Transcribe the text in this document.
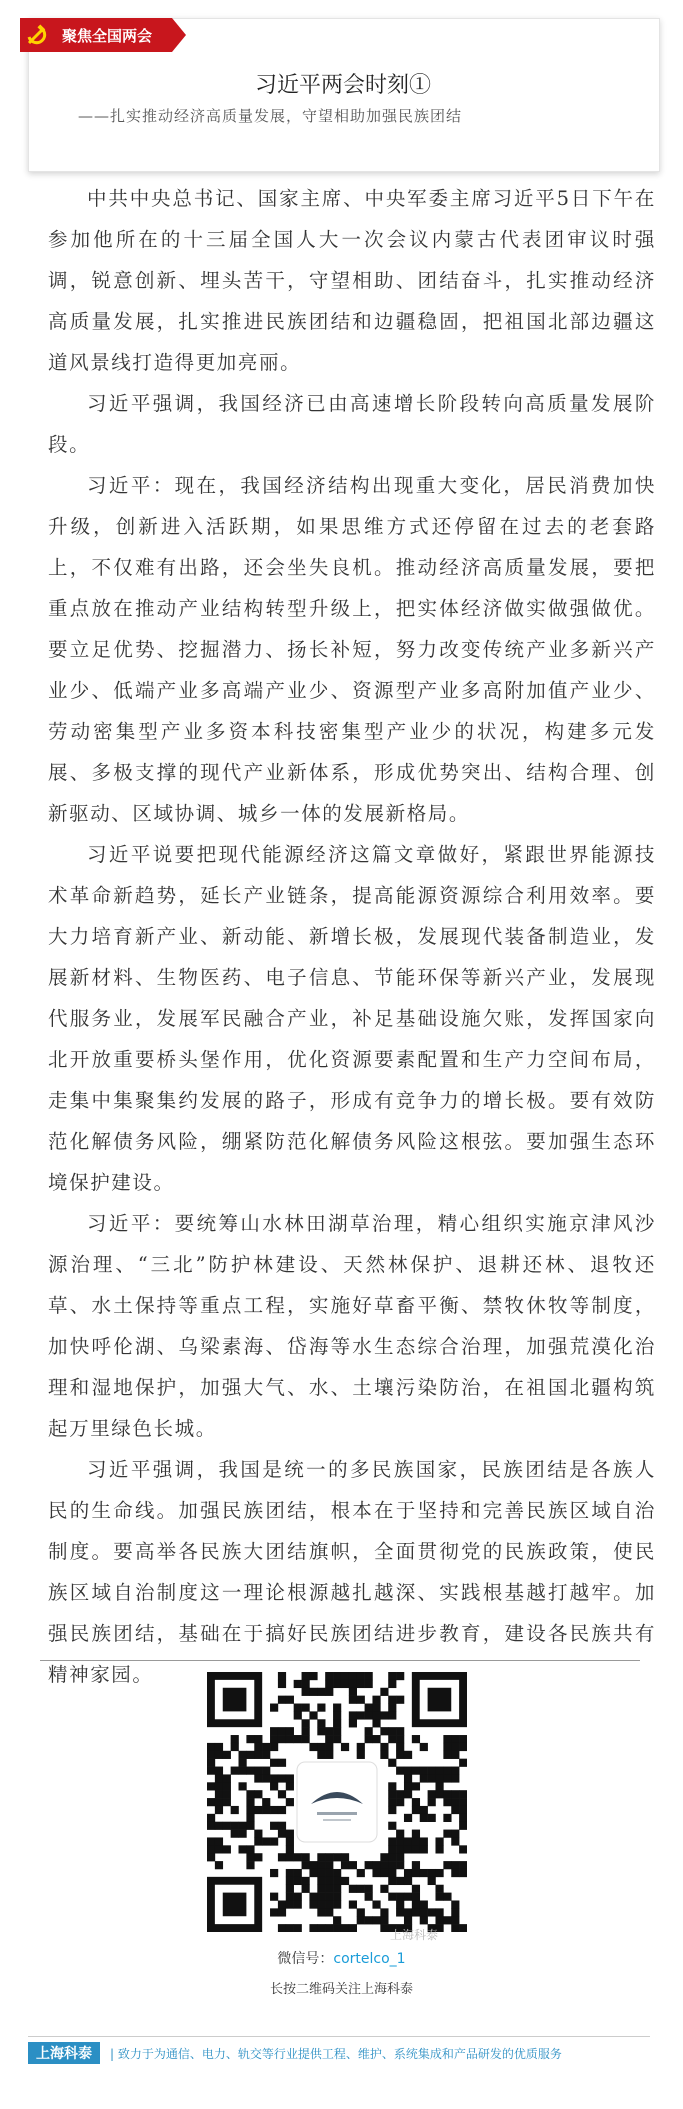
聚焦全国两会
习近平两会时刻①
——扎实推动经济高质量发展，守望相助加强民族团结

中共中央总书记、国家主席、中央军委主席习近平5日下午在参加他所在的十三届全国人大一次会议内蒙古代表团审议时强调，锐意创新、埋头苦干，守望相助、团结奋斗，扎实推动经济高质量发展，扎实推进民族团结和边疆稳固，把祖国北部边疆这道风景线打造得更加亮丽。

习近平强调，我国经济已由高速增长阶段转向高质量发展阶段。

习近平：现在，我国经济结构出现重大变化，居民消费加快升级，创新进入活跃期，如果思维方式还停留在过去的老套路上，不仅难有出路，还会坐失良机。推动经济高质量发展，要把重点放在推动产业结构转型升级上，把实体经济做实做强做优。要立足优势、挖掘潜力、扬长补短，努力改变传统产业多新兴产业少、低端产业多高端产业少、资源型产业多高附加值产业少、劳动密集型产业多资本科技密集型产业少的状况，构建多元发展、多极支撑的现代产业新体系，形成优势突出、结构合理、创新驱动、区域协调、城乡一体的发展新格局。

习近平说要把现代能源经济这篇文章做好，紧跟世界能源技术革命新趋势，延长产业链条，提高能源资源综合利用效率。要大力培育新产业、新动能、新增长极，发展现代装备制造业，发展新材料、生物医药、电子信息、节能环保等新兴产业，发展现代服务业，发展军民融合产业，补足基础设施欠账，发挥国家向北开放重要桥头堡作用，优化资源要素配置和生产力空间布局，走集中集聚集约发展的路子，形成有竞争力的增长极。要有效防范化解债务风险，绷紧防范化解债务风险这根弦。要加强生态环境保护建设。

习近平：要统筹山水林田湖草治理，精心组织实施京津风沙源治理、“三北”防护林建设、天然林保护、退耕还林、退牧还草、水土保持等重点工程，实施好草畜平衡、禁牧休牧等制度，加快呼伦湖、乌梁素海、岱海等水生态综合治理，加强荒漠化治理和湿地保护，加强大气、水、土壤污染防治，在祖国北疆构筑起万里绿色长城。

习近平强调，我国是统一的多民族国家，民族团结是各族人民的生命线。加强民族团结，根本在于坚持和完善民族区域自治制度。要高举各民族大团结旗帜，全面贯彻党的民族政策，使民族区域自治制度这一理论根源越扎越深、实践根基越打越牢。加强民族团结，基础在于搞好民族团结进步教育，建设各民族共有精神家园。

上海科泰
微信号：cortelco_1
长按二维码关注上海科泰
上海科泰	| 致力于为通信、电力、轨交等行业提供工程、维护、系统集成和产品研发的优质服务
